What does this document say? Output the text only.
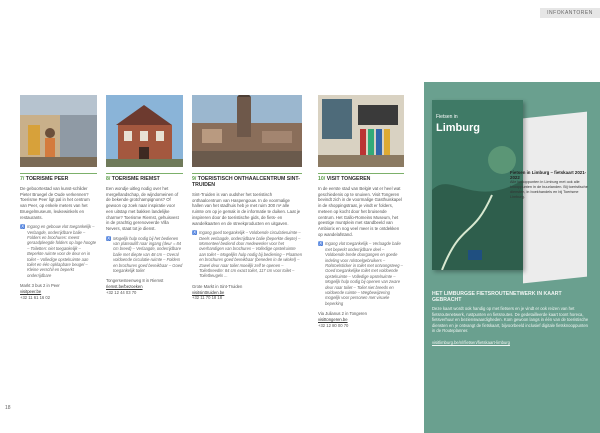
INFOKANTOREN
7/ TOERISME PEER
De geboortestad van kunst-schilder Pieter Bruegel de Oude verkennen? Toerisme Peer ligt pal in het centrum van Peer, op enkele meters van het Bruegelmuseum, leukewinkels en restaurants.
♿ Ingang en gebouw vlot toegankelijk – Verlaagde, onderrijdbare balie – Folders en brochures: meest geraadpleegde folders op lage hoogte – Toiletten: niet toegankelijk – Beperkte ruimte voor de deur en in toilet – Volledige opstelruimte aan toilet en één opklapbare beugel – Kleine verschil en beperkt onderrijdbare
Markt 3 bus 2 in Peer
visitpeer.be
+32 11 61 16 02
8/ TOERISME RIEMST
Een wondje uitleg nodig over het mergellandschap, de wijndomeinen of de bekende grotchampignons? Of gewoon op zoek naar inspiratie voor een uitstap met bakken landelijke charme? Toerisme Riemst, gehuisvest in de prachtig gerenoveerde Villa Nevers, staat tot je dienst.
♿ Mogelijk hulp nodig bij het bedienen van plateaulift naar ingang (deur = 84 cm breed) – Verlaagde, onderrijdbare balie met diepte van 48 cm – Overal voldoende circulatie-ruimte – Folders en brochures goed bereikbaar – Goed toegankelijk toilet
Tongersesteenweg 8 in Riemst
riemst.be/bezoeken
+32 12 44 03 70
9/ TOERISTISCH ONTHAALCENTRUM SINT-TRUIDEN
Sint-Truiden is van oudsher het toeristisch onthaalcentrum van Haspengouw. In de voormalige hallen van het stadhuis heb je met ruim 300 m² alle ruimte om op je gemak in de informatie te duiken. Laat je inspireren door de toeristische gids, de fiets- en wandelkaarten en de streekproducten en uitgaven.
♿ Ingang goed toegankelijk – Voldoende circulatieruimte – Deels verlaagde, onderrijdbare balie (beperkte diepte) – Momenteel bediend door medewerker voor het overhandigen van brochures – Volledige opstelruimte aan toilet – Mogelijks hulp nodig bij bediening – Plaatsen en brochures goed bereikbaar (beneden in de winkel) – Zowel deur naar toilet moeilijk zelf te openen – Toiletbreedte: 84 cm exact toilet, 117 cm voor toilet – Toiletbeugels ...
Grote Markt in Sint-Truiden
visitsinttruiden.be
+32 11 70 18 18
10/ VISIT TONGEREN
In de eerste stad van België vat er heel wat geschiedenis op te snuiven. Visit Tongeren bevindt zich in de voormalige Gasthuiskapel in de shoppingstraat, je vindt er folders, meteen op kocht door het bruisende centrum. Het Gallo-Romeins Museum, het geestige muntplein met standbeeld van Ambiorix en nog veel meer is te ontdekken op wandelafstand.
♿ Ingang vlot toegankelijk – Verlaagde balie met beperkt onderrijdbare deel – Voldoende brede doorgangen en goede indeling voor rolstoelgebruikers – Rolstoelsticker in toilet met ontvangsteeg – Goed toegankelijke toilet met voldoende opstelruimte – Volledige opstelruimte – Mogelijk hulp nodig bij openen van zware deur naar toilet – Toilet niet breeds en voldoende ruimte – Wegbewijzering mogelijk voor personen met visuele beperking
Via Julianus 2 in Tongeren
visittongeren.be
+32 12 80 00 70
Fietsen in
Limburg
Fietsen in Limburg – fietskaart 2021-2022
Alle knooppunten in Limburg met ook alle knooppunten in de buurlanden. Bij toeristische diensten, in boekhandels en bij Toerisme Limburg.
HET LIMBURGSE FIETSROUTENETWERK IN KAART GEBRACHT
Deze kaart wordt ook handig op met fietsers en je vindt er ook reizen van het fietsroutenetwerk, rustpunten en fietsroutes. De gedetailleerde kaart toont horeca, fietsverhuur en bezienswaardigheden. Kom gewoon langs in één van de toeristische diensten en je ontvangt de fietskaart, bijvoorbeeld inclusief digitale fietsknooppunten in de Routeplanner.
visitlimburg.be/nl/fietsen/fietskaart-limburg
18
